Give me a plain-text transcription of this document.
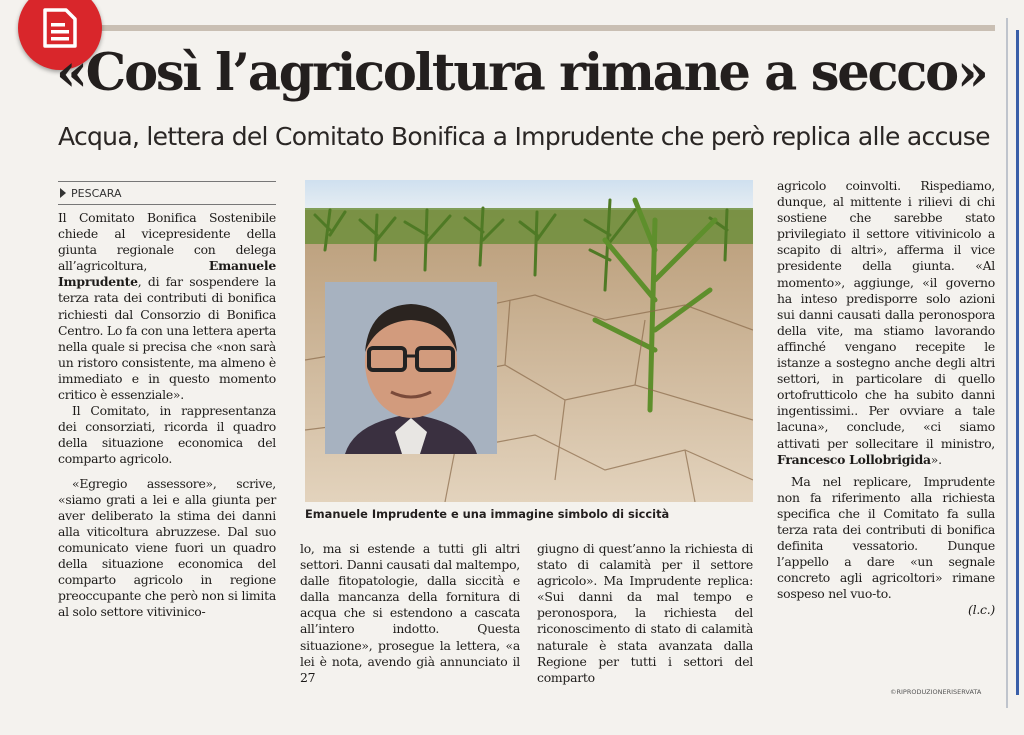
«Così l’agricoltura rimane a secco»
Acqua, lettera del Comitato Bonifica a Imprudente che però replica alle accuse
PESCARA

Il Comitato Bonifica Sostenibile chiede al vicepresidente della giunta regionale con delega all’agricoltura, Emanuele Imprudente, di far sospendere la terza rata dei contributi di bonifica richiesti dal Consorzio di Bonifica Centro. Lo fa con una lettera aperta nella quale si precisa che «non sarà un ristoro consistente, ma almeno è immediato e in questo momento critico è essenziale».

Il Comitato, in rappresentanza dei consorziati, ricorda il quadro della situazione economica del comparto agricolo.

«Egregio assessore», scrive, «siamo grati a lei e alla giunta per aver deliberato la stima dei danni alla viticoltura abruzzese. Dal suo comunicato viene fuori un quadro della situazione economica del comparto agricolo in regione preoccupante che però non si limita al solo settore vitivinico-

Emanuele Imprudente e una immagine simbolo di siccità

lo, ma si estende a tutti gli altri settori. Danni causati dal maltempo, dalle fitopatologie, dalla siccità e dalla mancanza della fornitura di acqua che si estendono a cascata all’intero indotto. Questa situazione», prosegue la lettera, «a lei è nota, avendo già annunciato il 27

giugno di quest’anno la richiesta di stato di calamità per il settore agricolo». Ma Imprudente replica: «Sui danni da mal tempo e peronospora, la richiesta del riconoscimento di stato di calamità naturale è stata avanzata dalla Regione per tutti i settori del comparto

agricolo coinvolti. Rispediamo, dunque, al mittente i rilievi di chi sostiene che sarebbe stato privilegiato il settore vitivinicolo a scapito di altri», afferma il vice presidente della giunta. «Al momento», aggiunge, «il governo ha inteso predisporre solo azioni sui danni causati dalla peronospora della vite, ma stiamo lavorando affinché vengano recepite le istanze a sostegno anche degli altri settori, in particolare di quello ortofrutticolo che ha subito danni ingentissimi.. Per ovviare a tale lacuna», conclude, «ci siamo attivati per sollecitare il ministro, Francesco Lollobrigida».

Ma nel replicare, Imprudente non fa riferimento alla richiesta specifica che il Comitato fa sulla terza rata dei contributi di bonifica definita vessatorio. Dunque l’appello a dare «un segnale concreto agli agricoltori» rimane sospeso nel vuo-to.

(l.c.)

©RIPRODUZIONERISERVATA
